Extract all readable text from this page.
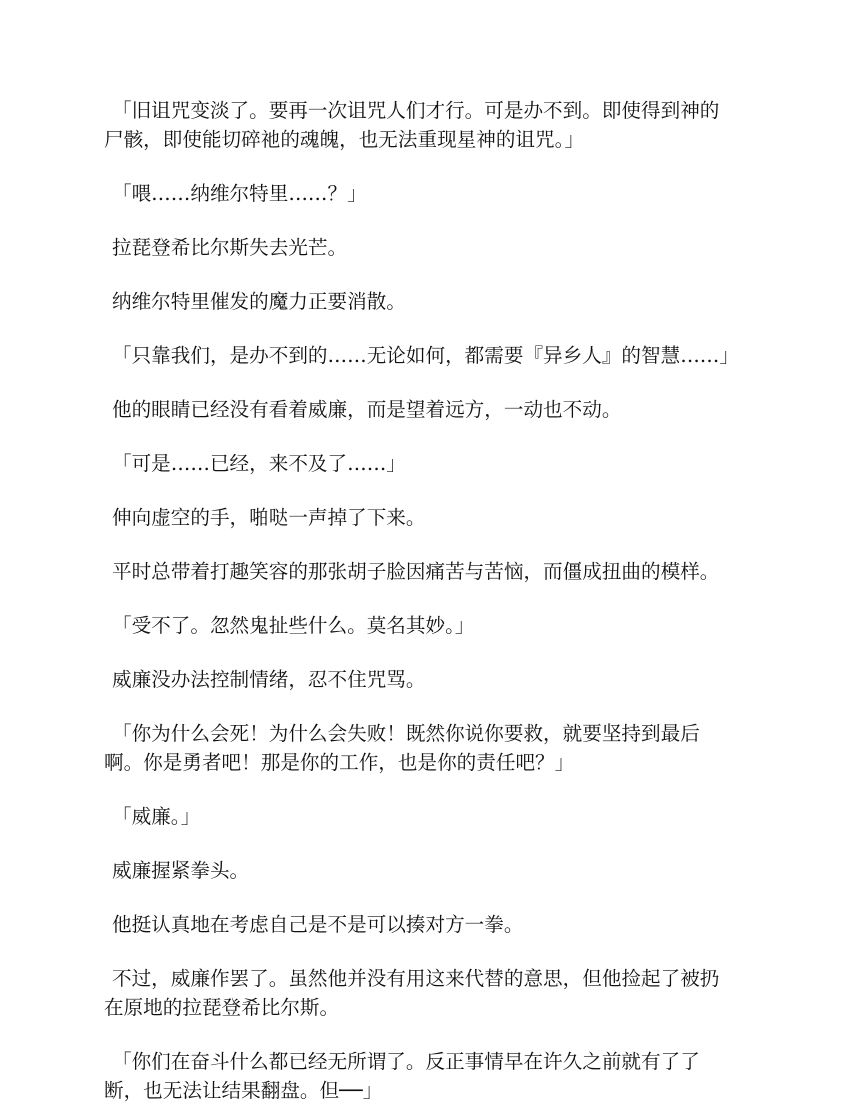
「旧诅咒变淡了。要再一次诅咒人们才行。可是办不到。即使得到神的尸骸，即使能切碎祂的魂魄，也无法重现星神的诅咒。」

「喂……纳维尔特里……？」

拉琵登希比尔斯失去光芒。

纳维尔特里催发的魔力正要消散。

「只靠我们，是办不到的……无论如何，都需要『异乡人』的智慧……」

他的眼睛已经没有看着威廉，而是望着远方，一动也不动。

「可是……已经，来不及了……」

伸向虚空的手，啪哒一声掉了下来。

平时总带着打趣笑容的那张胡子脸因痛苦与苦恼，而僵成扭曲的模样。

「受不了。忽然鬼扯些什么。莫名其妙。」

威廉没办法控制情绪，忍不住咒骂。

「你为什么会死！为什么会失败！既然你说你要救，就要坚持到最后啊。你是勇者吧！那是你的工作，也是你的责任吧？」

「威廉。」

威廉握紧拳头。

他挺认真地在考虑自己是不是可以揍对方一拳。

不过，威廉作罢了。虽然他并没有用这来代替的意思，但他捡起了被扔在原地的拉琵登希比尔斯。

「你们在奋斗什么都已经无所谓了。反正事情早在许久之前就有了了断，也无法让结果翻盘。但──」
